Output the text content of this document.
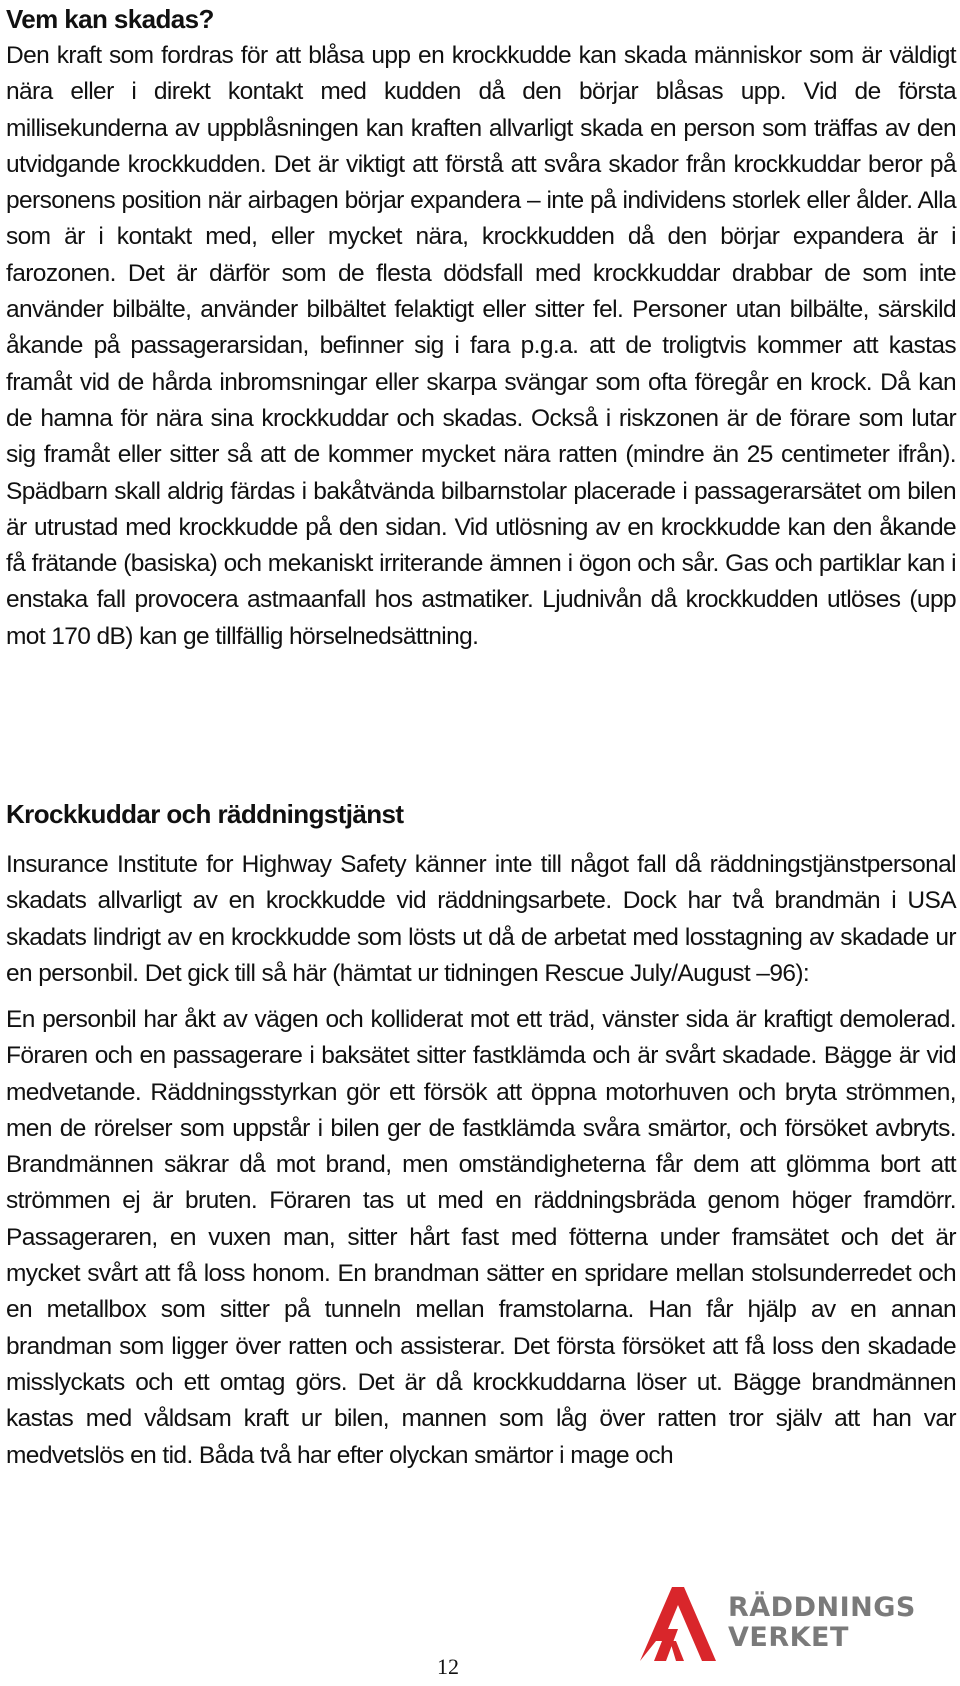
Vem kan skadas?

Den kraft som fordras för att blåsa upp en krockkudde kan skada människor som är väldigt nära eller i direkt kontakt med kudden då den börjar blåsas upp. Vid de första millisekunderna av uppblåsningen kan kraften allvarligt skada en person som träffas av den utvidgande krockkudden. Det är viktigt att förstå att svåra skador från krockkuddar beror på personens position när airbagen börjar expandera – inte på individens storlek eller ålder. Alla som är i kontakt med, eller mycket nära, krockkudden då den börjar expandera är i farozonen. Det är därför som de flesta dödsfall med krockkuddar drabbar de som inte använder bilbälte, använder bilbältet felaktigt eller sitter fel. Personer utan bilbälte, särskild åkande på passagerarsidan, befinner sig i fara p.g.a. att de troligtvis kommer att kastas framåt vid de hårda inbromsningar eller skarpa svängar som ofta föregår en krock. Då kan de hamna för nära sina krockkuddar och skadas. Också i riskzonen är de förare som lutar sig framåt eller sitter så att de kommer mycket nära ratten (mindre än 25 centimeter ifrån). Spädbarn skall aldrig färdas i bakåtvända bilbarnstolar placerade i passagerarsätet om bilen är utrustad med krockkudde på den sidan. Vid utlösning av en krockkudde kan den åkande få frätande (basiska) och mekaniskt irriterande ämnen i ögon och sår. Gas och partiklar kan i enstaka fall provocera astmaanfall hos astmatiker. Ljudnivån då krockkudden utlöses (upp mot 170 dB) kan ge tillfällig hörselnedsättning.

Krockkuddar och räddningstjänst

Insurance Institute for Highway Safety känner inte till något fall då räddningstjänstpersonal skadats allvarligt av en krockkudde vid räddningsarbete. Dock har två brandmän i USA skadats lindrigt av en krockkudde som lösts ut då de arbetat med losstagning av skadade ur en personbil. Det gick till så här (hämtat ur tidningen Rescue July/August –96):

En personbil har åkt av vägen och kolliderat mot ett träd, vänster sida är kraftigt demolerad. Föraren och en passagerare i baksätet sitter fastklämda och är svårt skadade. Bägge är vid medvetande. Räddningsstyrkan gör ett försök att öppna motorhuven och bryta strömmen, men de rörelser som uppstår i bilen ger de fastklämda svåra smärtor, och försöket avbryts. Brandmännen säkrar då mot brand, men omständigheterna får dem att glömma bort att strömmen ej är bruten. Föraren tas ut med en räddningsbräda genom höger framdörr. Passageraren, en vuxen man, sitter hårt fast med fötterna under framsätet och det är mycket svårt att få loss honom. En brandman sätter en spridare mellan stolsunderredet och en metallbox som sitter på tunneln mellan framstolarna. Han får hjälp av en annan brandman som ligger över ratten och assisterar. Det första försöket att få loss den skadade misslyckats och ett omtag görs. Det är då krockkuddarna löser ut. Bägge brandmännen kastas med våldsam kraft ur bilen, mannen som låg över ratten tror själv att han var medvetslös en tid. Båda två har efter olyckan smärtor i mage och

RÄDDNINGS
VERKET
12
